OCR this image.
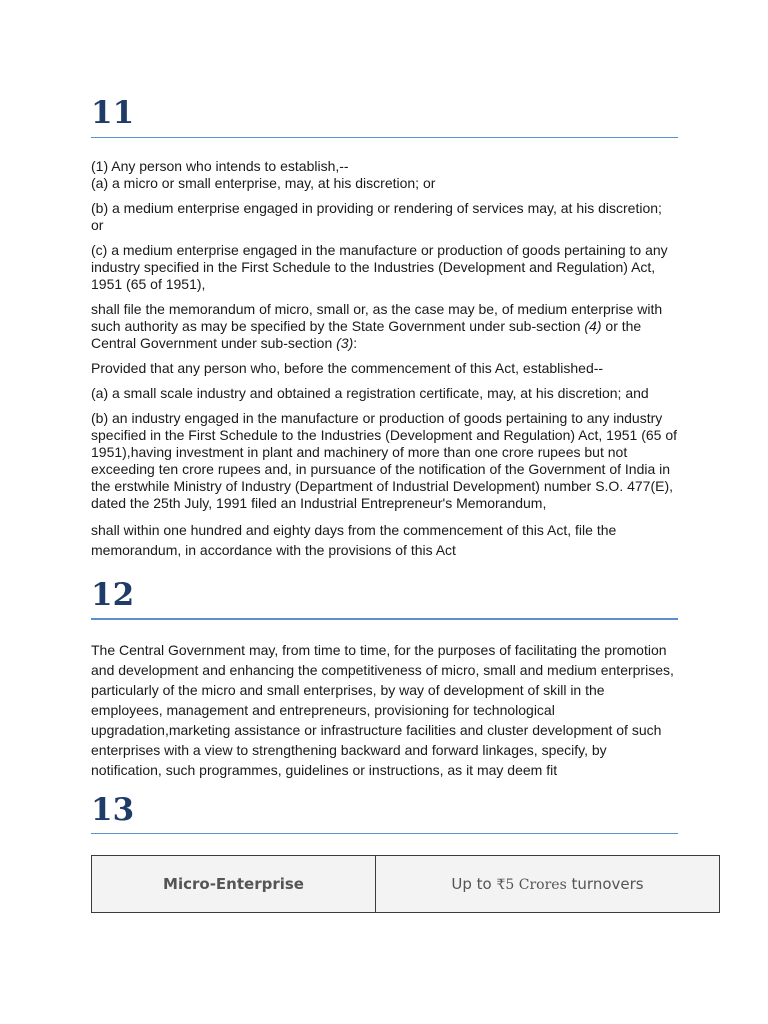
11

(1) Any person who intends to establish,--

(a) a micro or small enterprise, may, at his discretion; or

(b) a medium enterprise engaged in providing or rendering of services may, at his discretion; or

(c) a medium enterprise engaged in the manufacture or production of goods pertaining to any industry specified in the First Schedule to the Industries (Development and Regulation) Act, 1951 (65 of 1951),

shall file the memorandum of micro, small or, as the case may be, of medium enterprise with such authority as may be specified by the State Government under sub-section (4) or the Central Government under sub-section (3):

Provided that any person who, before the commencement of this Act, established--

(a) a small scale industry and obtained a registration certificate, may, at his discretion; and

(b) an industry engaged in the manufacture or production of goods pertaining to any industry specified in the First Schedule to the Industries (Development and Regulation) Act, 1951 (65 of 1951),having investment in plant and machinery of more than one crore rupees but not exceeding ten crore rupees and, in pursuance of the notification of the Government of India in the erstwhile Ministry of Industry (Department of Industrial Development) number S.O. 477(E), dated the 25th July, 1991 filed an Industrial Entrepreneur's Memorandum,

shall within one hundred and eighty days from the commencement of this Act, file the memorandum, in accordance with the provisions of this Act

12

The Central Government may, from time to time, for the purposes of facilitating the promotion and development and enhancing the competitiveness of micro, small and medium enterprises, particularly of the micro and small enterprises, by way of development of skill in the employees, management and entrepreneurs, provisioning for technological upgradation,marketing assistance or infrastructure facilities and cluster development of such enterprises with a view to strengthening backward and forward linkages, specify, by notification, such programmes, guidelines or instructions, as it may deem fit

13
Micro-Enterprise	Up to ₹5 Crores turnovers
